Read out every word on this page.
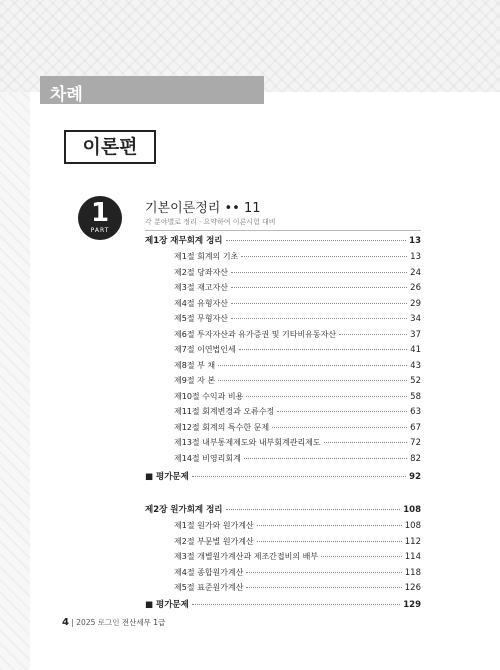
차례
이론편
1
PART
기본이론정리 •• 11
각 분야별로 정리 · 요약하여 이론시험 대비
제1장 재무회계 정리	13
제1절 회계의 기초	13
제2절 당좌자산	24
제3절 재고자산	26
제4절 유형자산	29
제5절 무형자산	34
제6절 투자자산과 유가증권 및 기타비유동자산	37
제7절 이연법인세	41
제8절 부 채	43
제9절 자 본	52
제10절 수익과 비용	58
제11절 회계변경과 오류수정	63
제12절 회계의 특수한 문제	67
제13절 내부통제제도와 내부회계관리제도	72
제14절 비영리회계	82
■ 평가문제	92
제2장 원가회계 정리	108
제1절 원가와 원가계산	108
제2절 부문별 원가계산	112
제3절 개별원가계산과 제조간접비의 배부	114
제4절 종합원가계산	118
제5절 표준원가계산	126
■ 평가문제	129
4 | 2025 로그인 전산세무 1급
